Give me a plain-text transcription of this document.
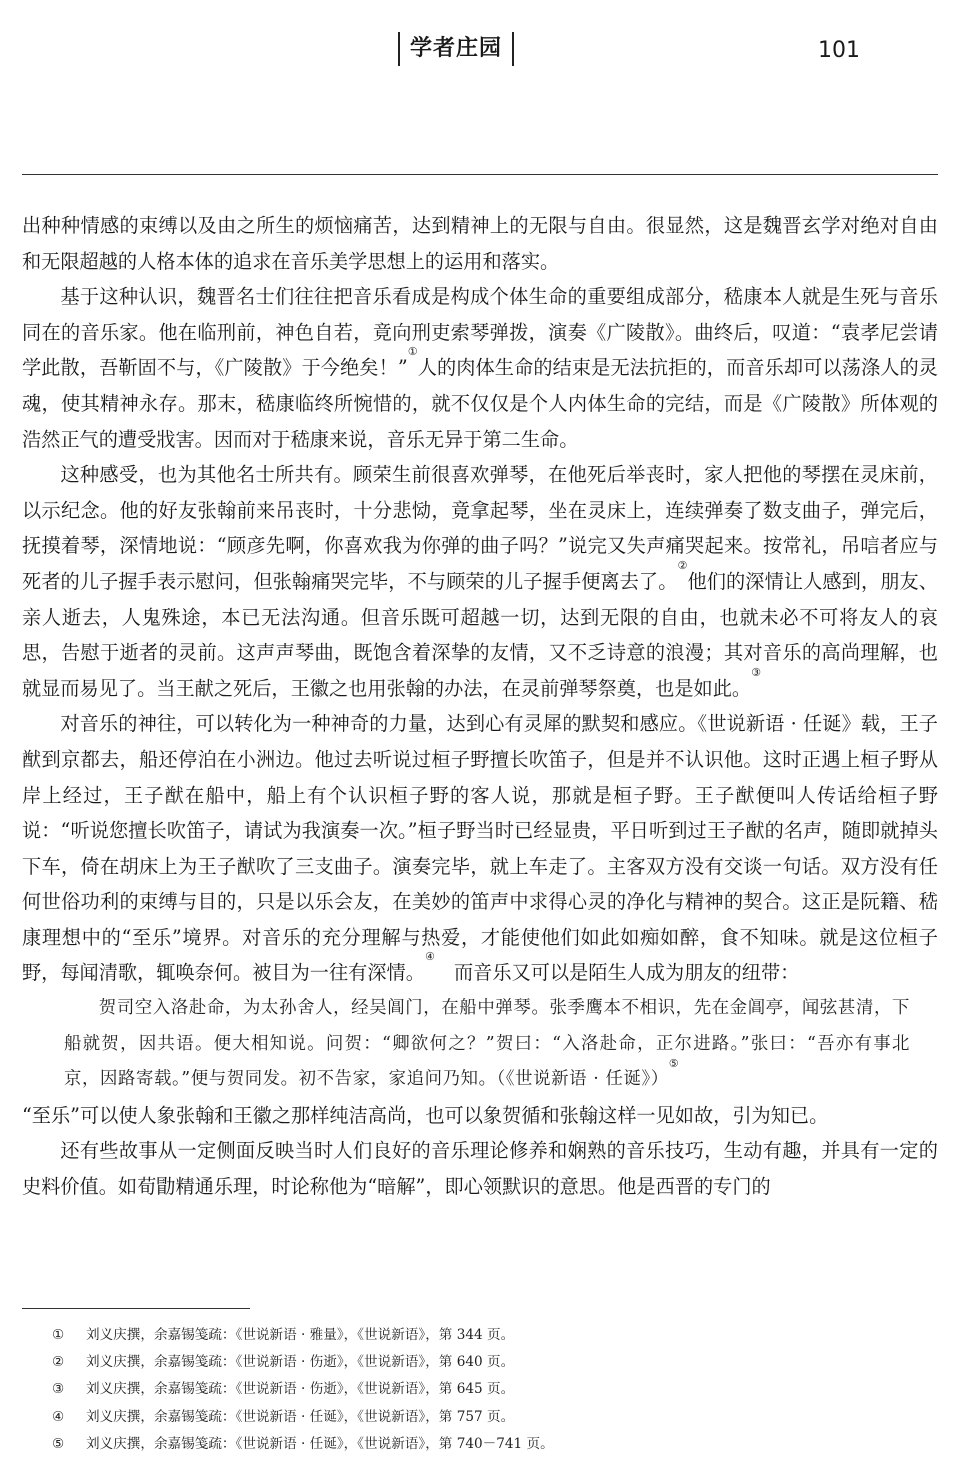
学者庄园	101

出种种情感的束缚以及由之所生的烦恼痛苦，达到精神上的无限与自由。很显然，这是魏晋玄学对绝对自由和无限超越的人格本体的追求在音乐美学思想上的运用和落实。

基于这种认识，魏晋名士们往往把音乐看成是构成个体生命的重要组成部分，嵇康本人就是生死与音乐同在的音乐家。他在临刑前，神色自若，竟向刑吏索琴弹拨，演奏《广陵散》。曲终后，叹道：“袁孝尼尝请学此散，吾靳固不与，《广陵散》于今绝矣！”①人的肉体生命的结束是无法抗拒的，而音乐却可以荡涤人的灵魂，使其精神永存。那末，嵇康临终所惋惜的，就不仅仅是个人内体生命的完结，而是《广陵散》所体观的浩然正气的遭受戕害。因而对于嵇康来说，音乐无异于第二生命。

这种感受，也为其他名士所共有。顾荣生前很喜欢弹琴，在他死后举丧时，家人把他的琴摆在灵床前，以示纪念。他的好友张翰前来吊丧时，十分悲恸，竟拿起琴，坐在灵床上，连续弹奏了数支曲子，弹完后，抚摸着琴，深情地说：“顾彦先啊，你喜欢我为你弹的曲子吗？”说完又失声痛哭起来。按常礼，吊唁者应与死者的儿子握手表示慰问，但张翰痛哭完毕，不与顾荣的儿子握手便离去了。②他们的深情让人感到，朋友、亲人逝去，人鬼殊途，本已无法沟通。但音乐既可超越一切，达到无限的自由，也就未必不可将友人的哀思，告慰于逝者的灵前。这声声琴曲，既饱含着深挚的友情，又不乏诗意的浪漫；其对音乐的高尚理解，也就显而易见了。当王献之死后，王徽之也用张翰的办法，在灵前弹琴祭奠，也是如此。③

对音乐的神往，可以转化为一种神奇的力量，达到心有灵犀的默契和感应。《世说新语 · 任诞》载，王子猷到京都去，船还停泊在小洲边。他过去听说过桓子野擅长吹笛子，但是并不认识他。这时正遇上桓子野从岸上经过，王子猷在船中，船上有个认识桓子野的客人说，那就是桓子野。王子猷便叫人传话给桓子野说：“听说您擅长吹笛子，请试为我演奏一次。”桓子野当时已经显贵，平日听到过王子猷的名声，随即就掉头下车，倚在胡床上为王子猷吹了三支曲子。演奏完毕，就上车走了。主客双方没有交谈一句话。双方没有任何世俗功利的束缚与目的，只是以乐会友，在美妙的笛声中求得心灵的净化与精神的契合。这正是阮籍、嵇康理想中的“至乐”境界。对音乐的充分理解与热爱，才能使他们如此如痴如醉，食不知味。就是这位桓子野，每闻清歌，辄唤奈何。被目为一往有深情。④ 而音乐又可以是陌生人成为朋友的纽带：

贺司空入洛赴命，为太孙舍人，经吴阊门，在船中弹琴。张季鹰本不相识，先在金阊亭，闻弦甚清，下船就贺，因共语。便大相知说。问贺：“卿欲何之？”贺曰：“入洛赴命，正尔进路。”张曰：“吾亦有事北京，因路寄载。”便与贺同发。初不告家，家追问乃知。（《世说新语 · 任诞》）⑤

“至乐”可以使人象张翰和王徽之那样纯洁高尚，也可以象贺循和张翰这样一见如故，引为知已。

还有些故事从一定侧面反映当时人们良好的音乐理论修养和娴熟的音乐技巧，生动有趣，并具有一定的史料价值。如荀勖精通乐理，时论称他为“暗解”，即心领默识的意思。他是西晋的专门的

①	刘义庆撰，余嘉锡笺疏：《世说新语 · 雅量》，《世说新语》，第 344 页。
②	刘义庆撰，余嘉锡笺疏：《世说新语 · 伤逝》，《世说新语》，第 640 页。
③	刘义庆撰，余嘉锡笺疏：《世说新语 · 伤逝》，《世说新语》，第 645 页。
④	刘义庆撰，余嘉锡笺疏：《世说新语 · 任诞》，《世说新语》，第 757 页。
⑤	刘义庆撰，余嘉锡笺疏：《世说新语 · 任诞》，《世说新语》，第 740－741 页。
